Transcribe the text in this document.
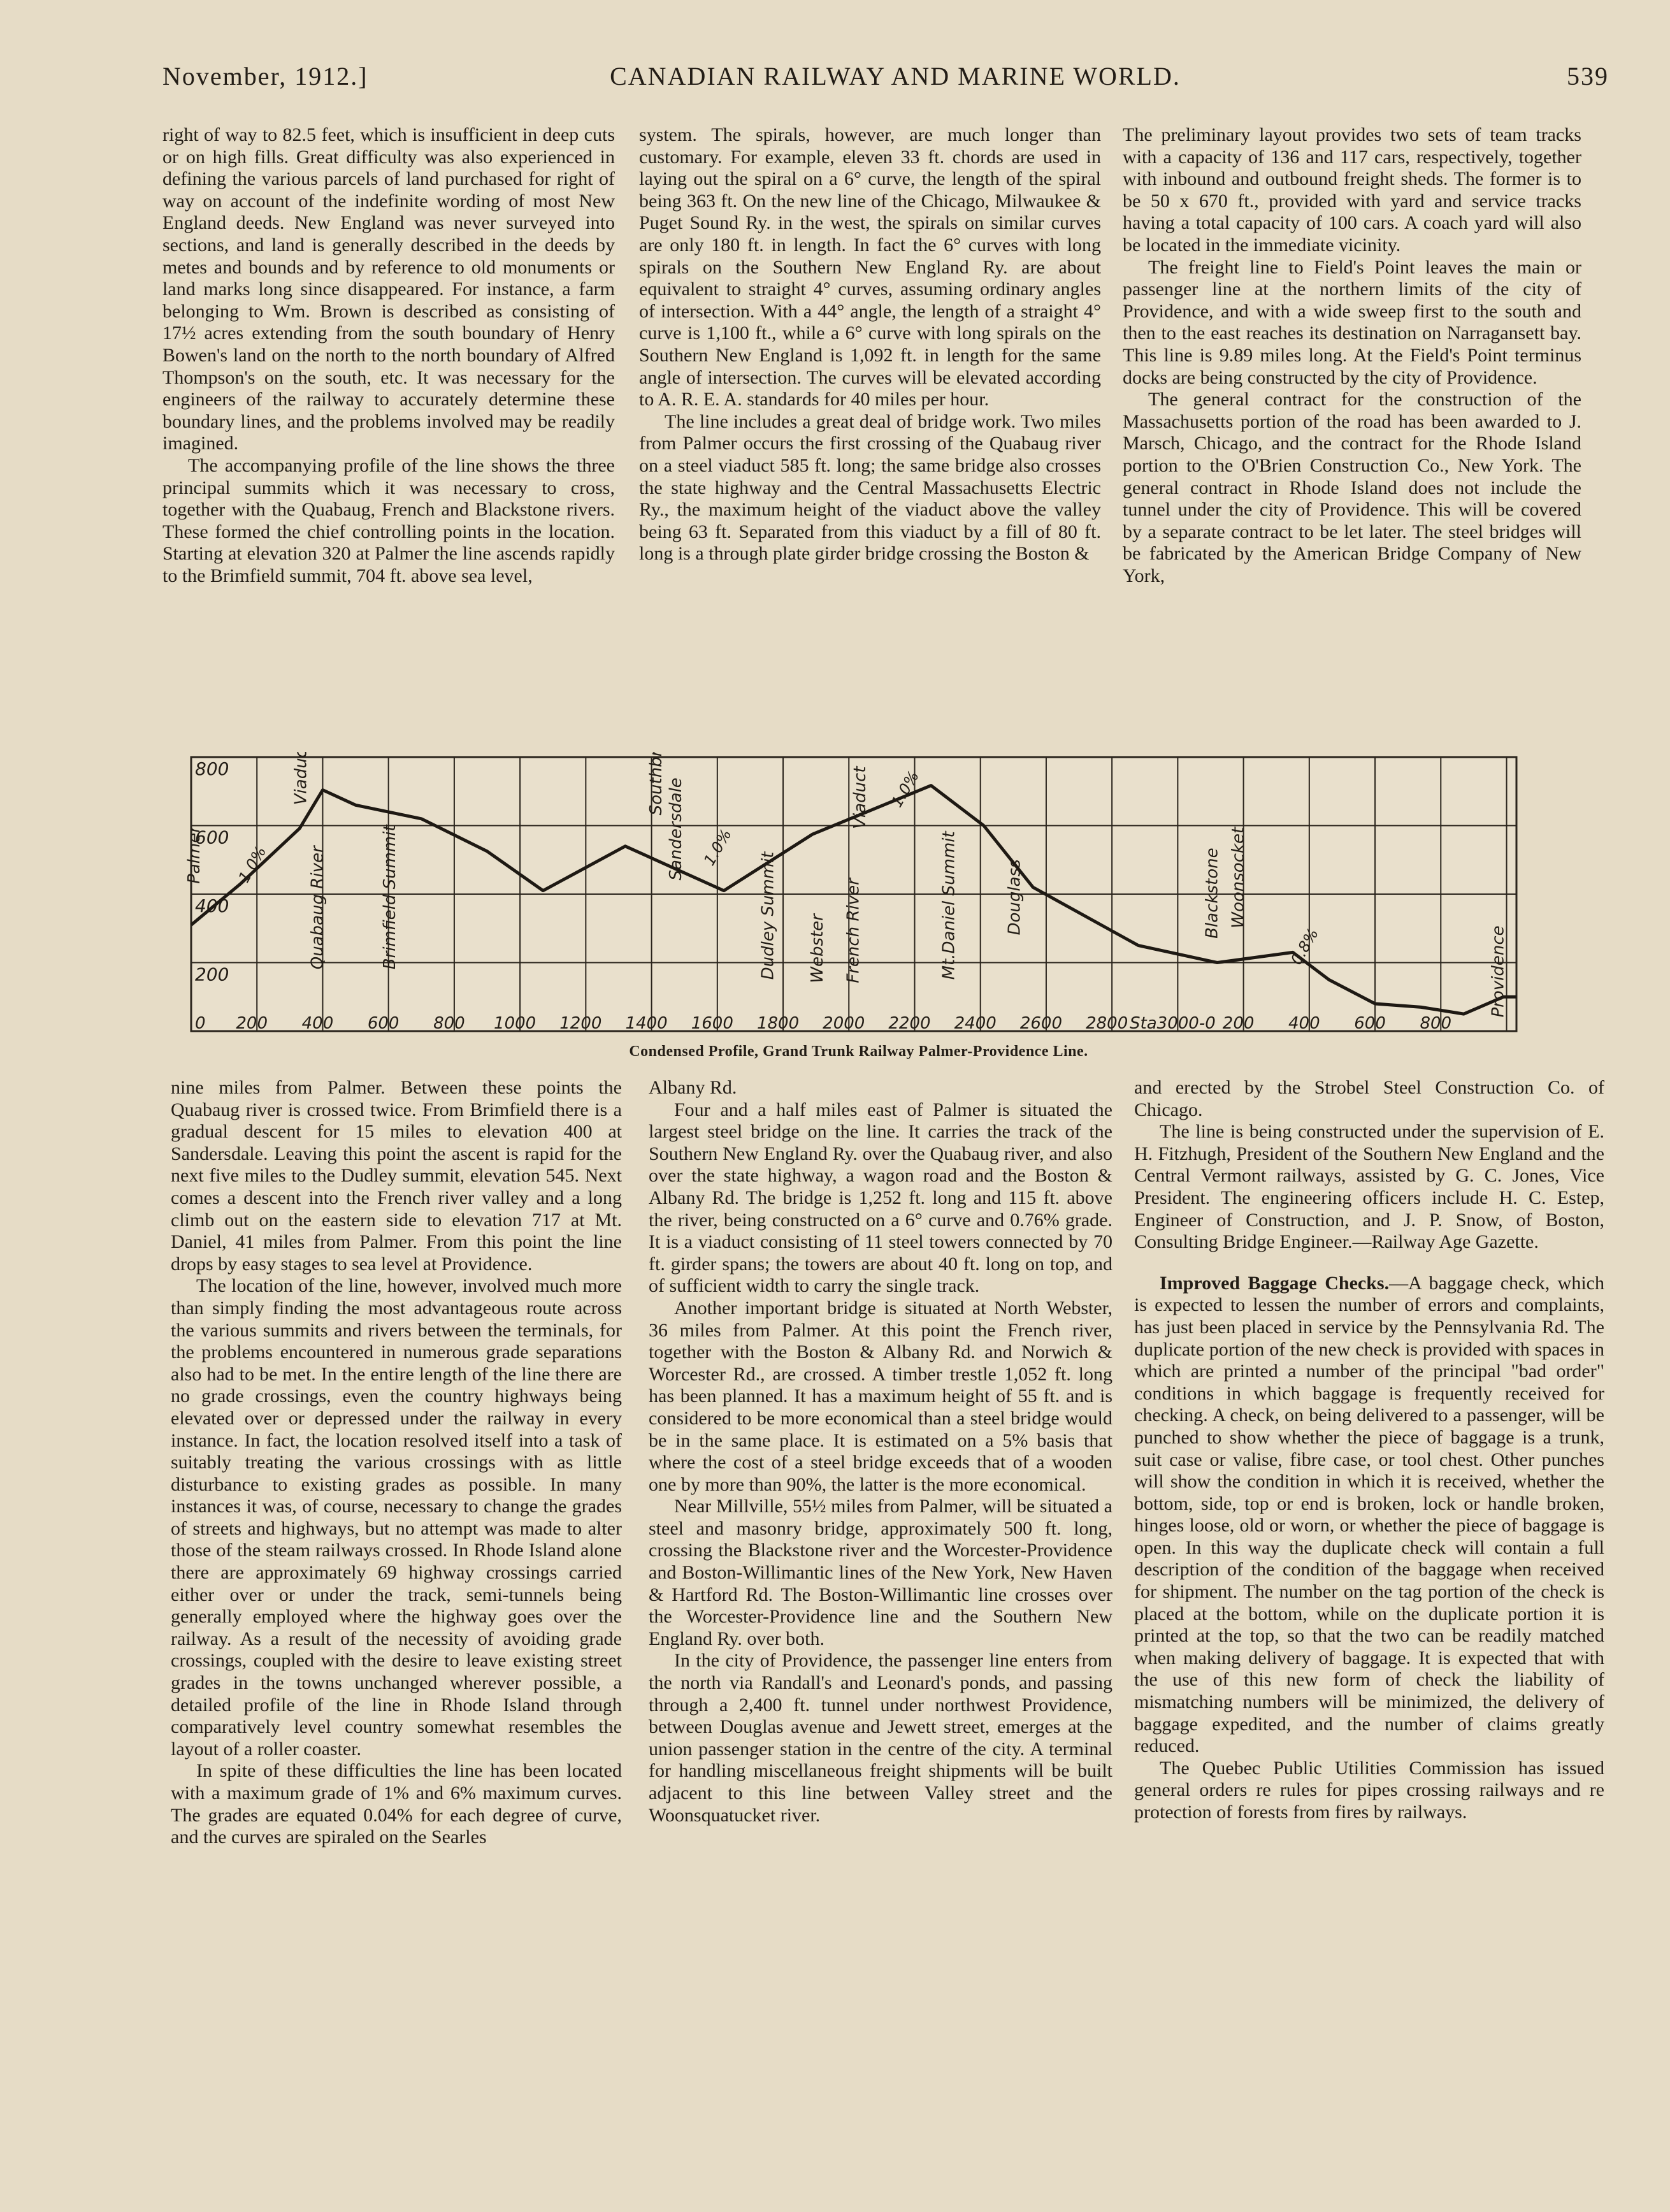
November, 1912.]	CANADIAN RAILWAY AND MARINE WORLD.	539

right of way to 82.5 feet, which is insufficient in deep cuts or on high fills. Great difficulty was also experienced in defining the various parcels of land purchased for right of way on account of the indefinite wording of most New England deeds. New England was never surveyed into sections, and land is generally described in the deeds by metes and bounds and by reference to old monuments or land marks long since disappeared. For instance, a farm belonging to Wm. Brown is described as consisting of 17½ acres extending from the south boundary of Henry Bowen's land on the north to the north boundary of Alfred Thompson's on the south, etc. It was necessary for the engineers of the railway to accurately determine these boundary lines, and the problems involved may be readily imagined.

The accompanying profile of the line shows the three principal summits which it was necessary to cross, together with the Quabaug, French and Blackstone rivers. These formed the chief controlling points in the location. Starting at elevation 320 at Palmer the line ascends rapidly to the Brimfield summit, 704 ft. above sea level,

system. The spirals, however, are much longer than customary. For example, eleven 33 ft. chords are used in laying out the spiral on a 6° curve, the length of the spiral being 363 ft. On the new line of the Chicago, Milwaukee & Puget Sound Ry. in the west, the spirals on similar curves are only 180 ft. in length. In fact the 6° curves with long spirals on the Southern New England Ry. are about equivalent to straight 4° curves, assuming ordinary angles of intersection. With a 44° angle, the length of a straight 4° curve is 1,100 ft., while a 6° curve with long spirals on the Southern New England is 1,092 ft. in length for the same angle of intersection. The curves will be elevated according to A. R. E. A. standards for 40 miles per hour.

The line includes a great deal of bridge work. Two miles from Palmer occurs the first crossing of the Quabaug river on a steel viaduct 585 ft. long; the same bridge also crosses the state highway and the Central Massachusetts Electric Ry., the maximum height of the viaduct above the valley being 63 ft. Separated from this viaduct by a fill of 80 ft. long is a through plate girder bridge crossing the Boston &

The preliminary layout provides two sets of team tracks with a capacity of 136 and 117 cars, respectively, together with inbound and outbound freight sheds. The former is to be 50 x 670 ft., provided with yard and service tracks having a total capacity of 100 cars. A coach yard will also be located in the immediate vicinity.

The freight line to Field's Point leaves the main or passenger line at the northern limits of the city of Providence, and with a wide sweep first to the south and then to the east reaches its destination on Narragansett bay. This line is 9.89 miles long. At the Field's Point terminus docks are being constructed by the city of Providence.

The general contract for the construction of the Massachusetts portion of the road has been awarded to J. Marsch, Chicago, and the contract for the Rhode Island portion to the O'Brien Construction Co., New York. The general contract in Rhode Island does not include the tunnel under the city of Providence. This will be covered by a separate contract to be let later. The steel bridges will be fabricated by the American Bridge Company of New York,

800
600
400
200
0 200 400 600 800 1000 1200 1400 1600 1800 2000 2200 2400 2600 2800 Sta3000-0 200 400 600 800
Palmer
Viaduct
Quabaug River	Brimfield Summit
Southbridge
Sandersdale
Dudley Summit Webster French River
Viaduct
Mt.Daniel Summit	Douglass	Blackstone Woonsocket
Providence
1.0%	1.0%
1.0%
0.8%
Condensed Profile, Grand Trunk Railway Palmer-Providence Line.

nine miles from Palmer. Between these points the Quabaug river is crossed twice. From Brimfield there is a gradual descent for 15 miles to elevation 400 at Sandersdale. Leaving this point the ascent is rapid for the next five miles to the Dudley summit, elevation 545. Next comes a descent into the French river valley and a long climb out on the eastern side to elevation 717 at Mt. Daniel, 41 miles from Palmer. From this point the line drops by easy stages to sea level at Providence.

The location of the line, however, involved much more than simply finding the most advantageous route across the various summits and rivers between the terminals, for the problems encountered in numerous grade separations also had to be met. In the entire length of the line there are no grade crossings, even the country highways being elevated over or depressed under the railway in every instance. In fact, the location resolved itself into a task of suitably treating the various crossings with as little disturbance to existing grades as possible. In many instances it was, of course, necessary to change the grades of streets and highways, but no attempt was made to alter those of the steam railways crossed. In Rhode Island alone there are approximately 69 highway crossings carried either over or under the track, semi-tunnels being generally employed where the highway goes over the railway. As a result of the necessity of avoiding grade crossings, coupled with the desire to leave existing street grades in the towns unchanged wherever possible, a detailed profile of the line in Rhode Island through comparatively level country somewhat resembles the layout of a roller coaster.

In spite of these difficulties the line has been located with a maximum grade of 1% and 6% maximum curves. The grades are equated 0.04% for each degree of curve, and the curves are spiraled on the Searles

Albany Rd.

Four and a half miles east of Palmer is situated the largest steel bridge on the line. It carries the track of the Southern New England Ry. over the Quabaug river, and also over the state highway, a wagon road and the Boston & Albany Rd. The bridge is 1,252 ft. long and 115 ft. above the river, being constructed on a 6° curve and 0.76% grade. It is a viaduct consisting of 11 steel towers connected by 70 ft. girder spans; the towers are about 40 ft. long on top, and of sufficient width to carry the single track.

Another important bridge is situated at North Webster, 36 miles from Palmer. At this point the French river, together with the Boston & Albany Rd. and Norwich & Worcester Rd., are crossed. A timber trestle 1,052 ft. long has been planned. It has a maximum height of 55 ft. and is considered to be more economical than a steel bridge would be in the same place. It is estimated on a 5% basis that where the cost of a steel bridge exceeds that of a wooden one by more than 90%, the latter is the more economical.

Near Millville, 55½ miles from Palmer, will be situated a steel and masonry bridge, approximately 500 ft. long, crossing the Blackstone river and the Worcester-Providence and Boston-Willimantic lines of the New York, New Haven & Hartford Rd. The Boston-Willimantic line crosses over the Worcester-Providence line and the Southern New England Ry. over both.

In the city of Providence, the passenger line enters from the north via Randall's and Leonard's ponds, and passing through a 2,400 ft. tunnel under northwest Providence, between Douglas avenue and Jewett street, emerges at the union passenger station in the centre of the city. A terminal for handling miscellaneous freight shipments will be built adjacent to this line between Valley street and the Woonsquatucket river.

and erected by the Strobel Steel Construction Co. of Chicago.

The line is being constructed under the supervision of E. H. Fitzhugh, President of the Southern New England and the Central Vermont railways, assisted by G. C. Jones, Vice President. The engineering officers include H. C. Estep, Engineer of Construction, and J. P. Snow, of Boston, Consulting Bridge Engineer.—Railway Age Gazette.

Improved Baggage Checks.—A baggage check, which is expected to lessen the number of errors and complaints, has just been placed in service by the Pennsylvania Rd. The duplicate portion of the new check is provided with spaces in which are printed a number of the principal "bad order" conditions in which baggage is frequently received for checking. A check, on being delivered to a passenger, will be punched to show whether the piece of baggage is a trunk, suit case or valise, fibre case, or tool chest. Other punches will show the condition in which it is received, whether the bottom, side, top or end is broken, lock or handle broken, hinges loose, old or worn, or whether the piece of baggage is open. In this way the duplicate check will contain a full description of the condition of the baggage when received for shipment. The number on the tag portion of the check is placed at the bottom, while on the duplicate portion it is printed at the top, so that the two can be readily matched when making delivery of baggage. It is expected that with the use of this new form of check the liability of mismatching numbers will be minimized, the delivery of baggage expedited, and the number of claims greatly reduced.

The Quebec Public Utilities Commission has issued general orders re rules for pipes crossing railways and re protection of forests from fires by railways.
